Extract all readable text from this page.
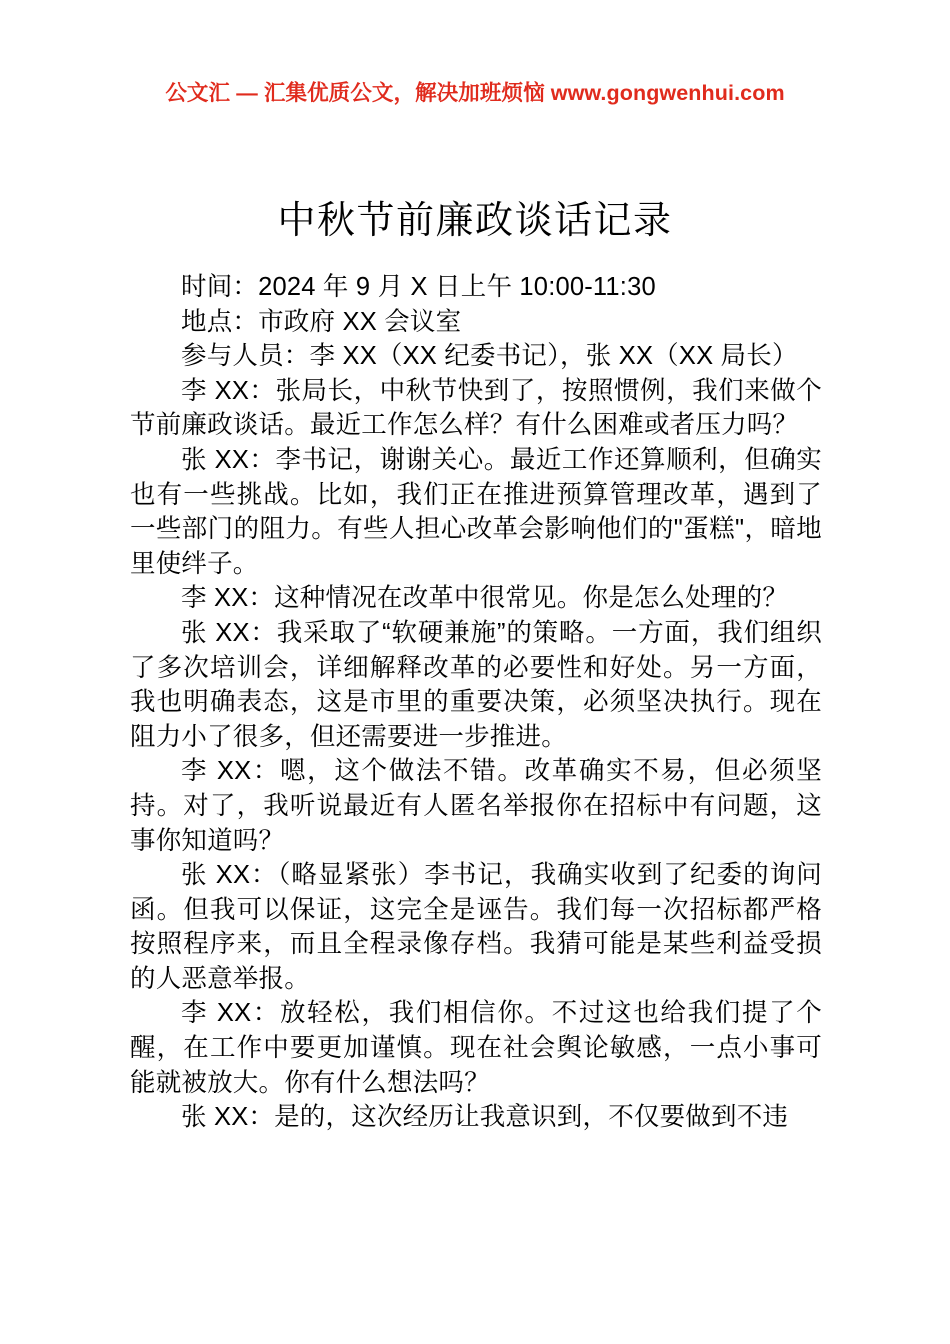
公文汇 — 汇集优质公文，解决加班烦恼 www.gongwenhui.com
中秋节前廉政谈话记录

时间：2024 年 9 月 X 日上午 10:00-11:30

地点：市政府 XX 会议室

参与人员：李 XX（XX 纪委书记），张 XX（XX 局长）

李 XX：张局长，中秋节快到了，按照惯例，我们来做个节前廉政谈话。最近工作怎么样？有什么困难或者压力吗？

张 XX：李书记，谢谢关心。最近工作还算顺利，但确实也有一些挑战。比如，我们正在推进预算管理改革，遇到了一些部门的阻力。有些人担心改革会影响他们的"蛋糕"，暗地里使绊子。

李 XX：这种情况在改革中很常见。你是怎么处理的？

张 XX：我采取了“软硬兼施”的策略。一方面，我们组织了多次培训会，详细解释改革的必要性和好处。另一方面，我也明确表态，这是市里的重要决策，必须坚决执行。现在阻力小了很多，但还需要进一步推进。

李 XX：嗯，这个做法不错。改革确实不易，但必须坚持。对了，我听说最近有人匿名举报你在招标中有问题，这事你知道吗？

张 XX：（略显紧张）李书记，我确实收到了纪委的询问函。但我可以保证，这完全是诬告。我们每一次招标都严格按照程序来，而且全程录像存档。我猜可能是某些利益受损的人恶意举报。

李 XX：放轻松，我们相信你。不过这也给我们提了个醒，在工作中要更加谨慎。现在社会舆论敏感，一点小事可能就被放大。你有什么想法吗？

张 XX：是的，这次经历让我意识到，不仅要做到不违
